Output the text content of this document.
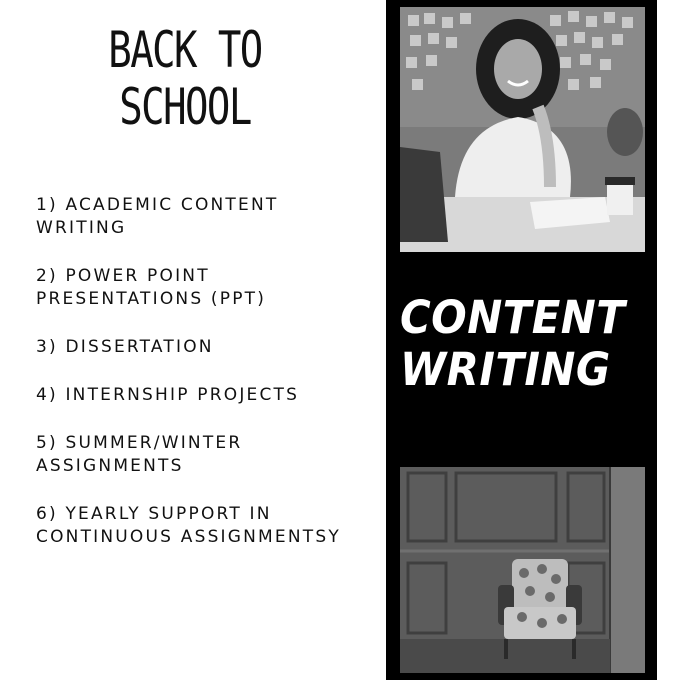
BACK TO
SCHOOL
1) ACADEMIC CONTENT WRITING
2) POWER POINT PRESENTATIONS (PPT)
3) DISSERTATION
4) INTERNSHIP PROJECTS
5) SUMMER/WINTER ASSIGNMENTS
6) YEARLY SUPPORT IN CONTINUOUS ASSIGNMENTSY
CONTENT
WRITING
